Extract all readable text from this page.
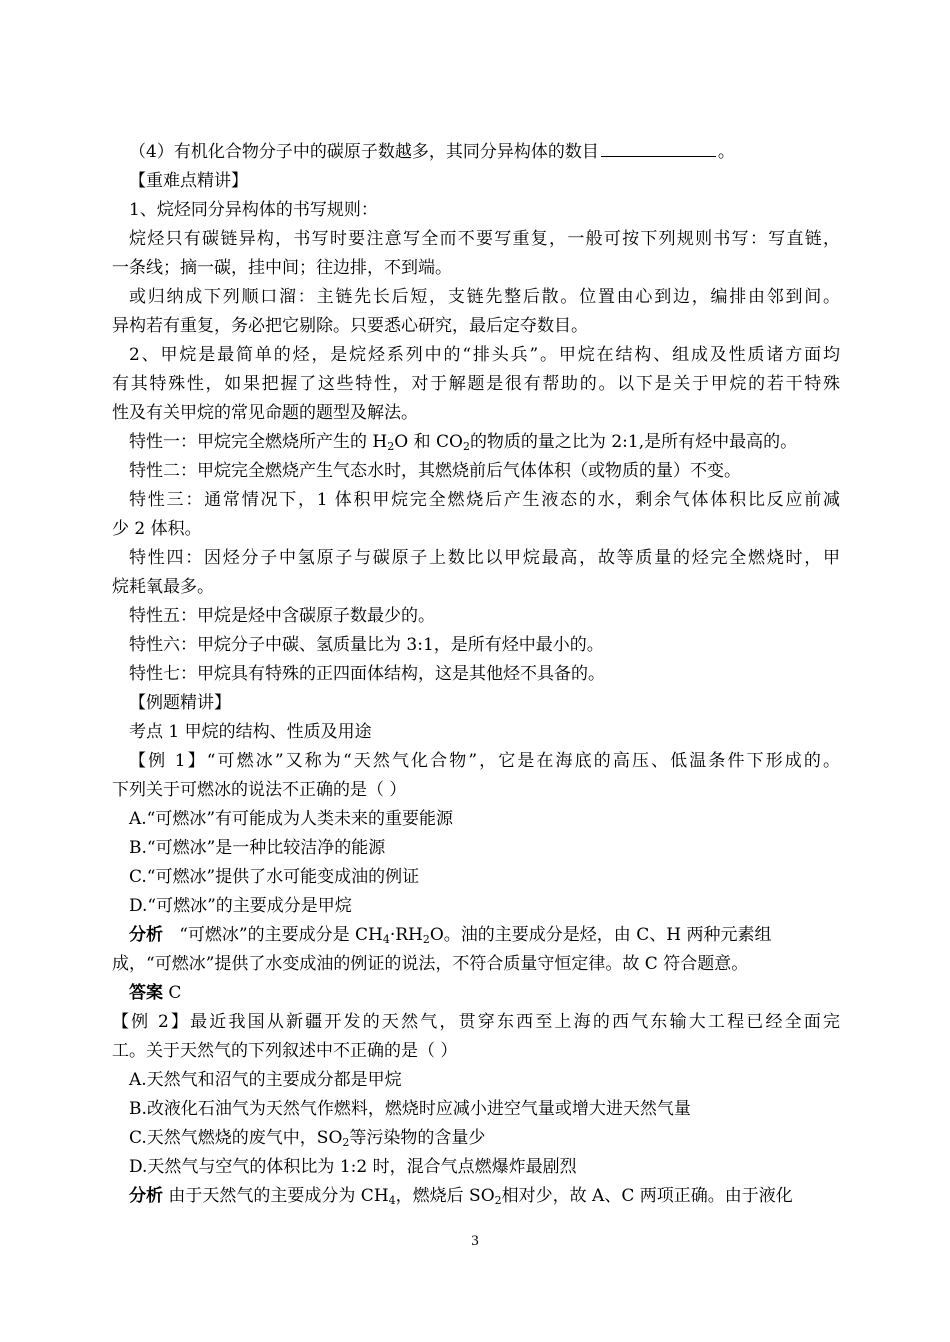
（4）有机化合物分子中的碳原子数越多，其同分异构体的数目	。
【重难点精讲】
1、烷烃同分异构体的书写规则：
烷烃只有碳链异构，书写时要注意写全而不要写重复，一般可按下列规则书写：写直链，
一条线；摘一碳，挂中间；往边排，不到端。
或归纳成下列顺口溜：主链先长后短，支链先整后散。位置由心到边，编排由邻到间。
异构若有重复，务必把它剔除。只要悉心研究，最后定夺数目。
2、甲烷是最简单的烃，是烷烃系列中的“排头兵”。甲烷在结构、组成及性质诸方面均
有其特殊性，如果把握了这些特性，对于解题是很有帮助的。以下是关于甲烷的若干特殊
性及有关甲烷的常见命题的题型及解法。
特性一：甲烷完全燃烧所产生的 $H_2O$ 和 $CO_2$的物质的量之比为 2:1,是所有烃中最高的。
特性二：甲烷完全燃烧产生气态水时，其燃烧前后气体体积（或物质的量）不变。
特性三：通常情况下，1 体积甲烷完全燃烧后产生液态的水，剩余气体体积比反应前减
少 2 体积。
特性四：因烃分子中氢原子与碳原子上数比以甲烷最高，故等质量的烃完全燃烧时，甲
烷耗氧最多。
特性五：甲烷是烃中含碳原子数最少的。
特性六：甲烷分子中碳、氢质量比为 3:1，是所有烃中最小的。
特性七：甲烷具有特殊的正四面体结构，这是其他烃不具备的。
【例题精讲】
考点 1 甲烷的结构、性质及用途
【例 1】“可燃冰”又称为“天然气化合物”，它是在海底的高压、低温条件下形成的。
下列关于可燃冰的说法不正确的是（ ）
A.“可燃冰”有可能成为人类未来的重要能源
B.“可燃冰”是一种比较洁净的能源
C.“可燃冰”提供了水可能变成油的例证
D.“可燃冰”的主要成分是甲烷
分析 “可燃冰”的主要成分是 $CH_4\cdot RH_2O$。油的主要成分是烃，由 C、H 两种元素组
成，“可燃冰”提供了水变成油的例证的说法，不符合质量守恒定律。故 C 符合题意。
答案 C
【例 2】最近我国从新疆开发的天然气，贯穿东西至上海的西气东输大工程已经全面完
工。关于天然气的下列叙述中不正确的是（ ）
A.天然气和沼气的主要成分都是甲烷
B.改液化石油气为天然气作燃料，燃烧时应减小进空气量或增大进天然气量
C.天然气燃烧的废气中，$SO_2$等污染物的含量少
D.天然气与空气的体积比为 1:2 时，混合气点燃爆炸最剧烈
分析 由于天然气的主要成分为 $CH_4$，燃烧后 $SO_2$相对少，故 A、C 两项正确。由于液化
3
